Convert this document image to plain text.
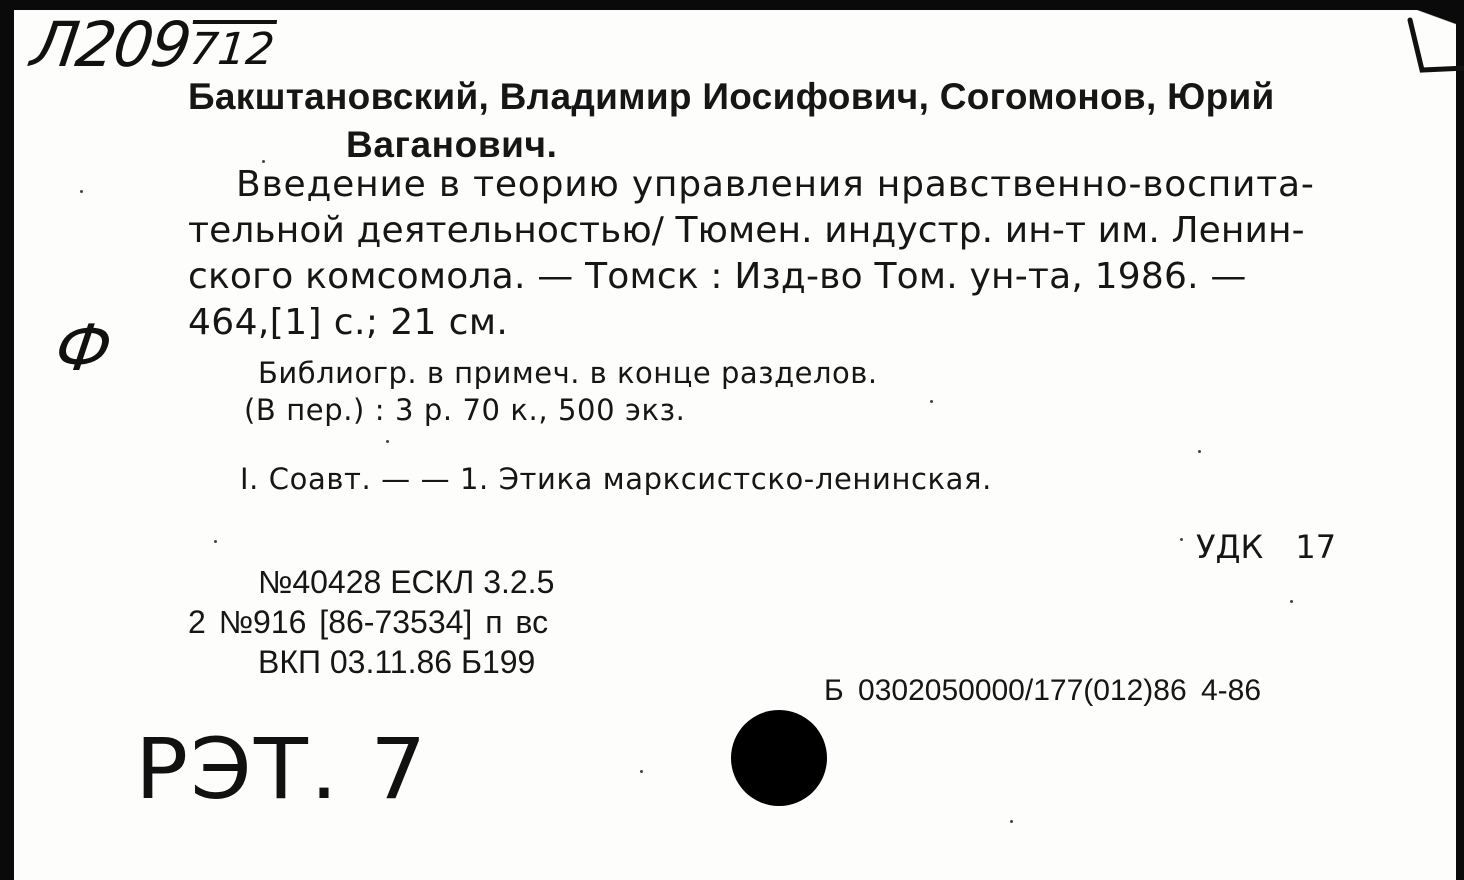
Л209
712
Ф
Бакштановский, Владимир Иосифович, Согомонов, Юрий
Ваганович.
Введение в теорию управления нравственно-воспита-
тельной деятельностью/ Тюмен. индустр. ин-т им. Ленин-
ского комсомола. — Томск : Изд-во Том. ун-та, 1986. —
464,[1] с.; 21 см.
Библиогр. в примеч. в конце разделов.
(В пер.) : 3 р. 70 к., 500 экз.
I. Соавт. — — 1. Этика марксистско-ленинская.
УДК 17
№40428 ЕСКЛ 3.2.5
2 №916 [86-73534] п вс
ВКП 03.11.86 Б199
Б 0302050000/177(012)86 4-86
РЭТ. 7
